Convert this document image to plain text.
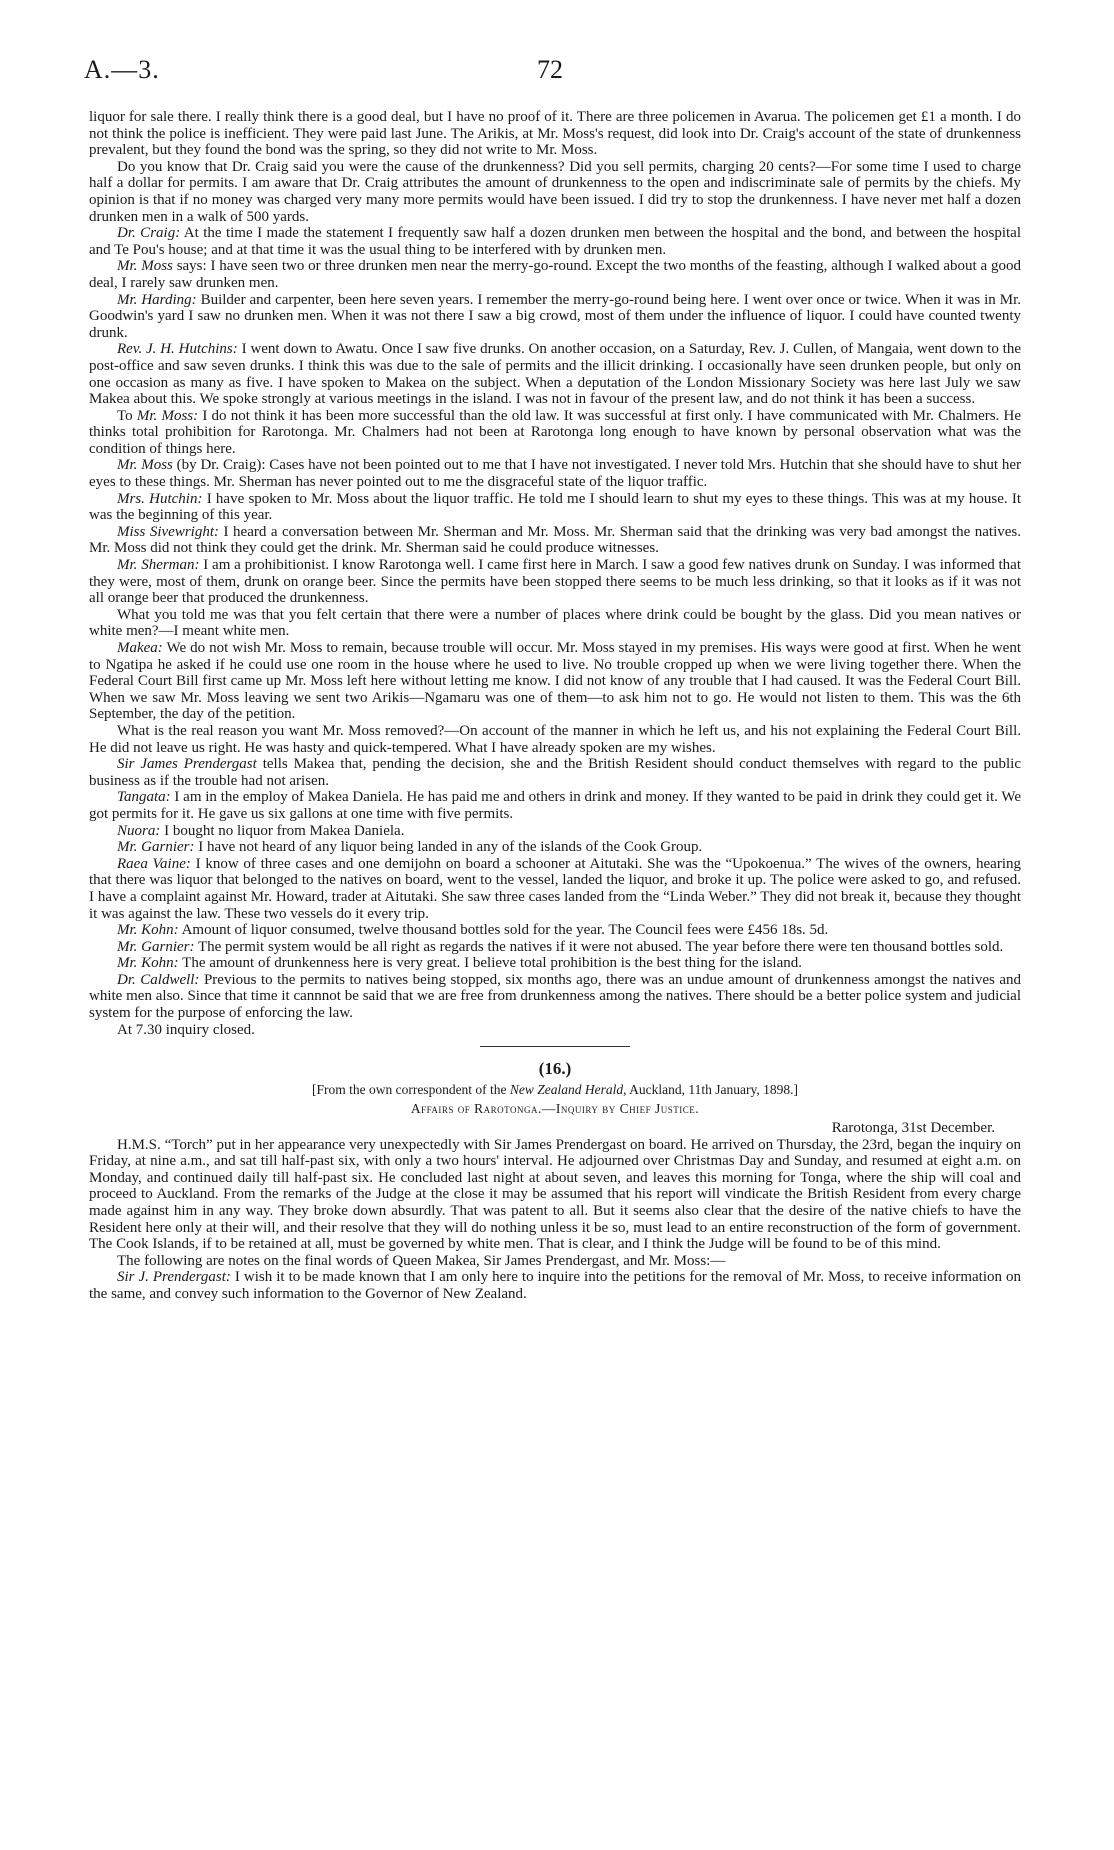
A.—3.	72

liquor for sale there. I really think there is a good deal, but I have no proof of it. There are three policemen in Avarua. The policemen get £1 a month. I do not think the police is inefficient. They were paid last June. The Arikis, at Mr. Moss's request, did look into Dr. Craig's account of the state of drunkenness prevalent, but they found the bond was the spring, so they did not write to Mr. Moss.

Do you know that Dr. Craig said you were the cause of the drunkenness? Did you sell permits, charging 20 cents?—For some time I used to charge half a dollar for permits. I am aware that Dr. Craig attributes the amount of drunkenness to the open and indiscriminate sale of permits by the chiefs. My opinion is that if no money was charged very many more permits would have been issued. I did try to stop the drunkenness. I have never met half a dozen drunken men in a walk of 500 yards.

Dr. Craig: At the time I made the statement I frequently saw half a dozen drunken men between the hospital and the bond, and between the hospital and Te Pou's house; and at that time it was the usual thing to be interfered with by drunken men.

Mr. Moss says: I have seen two or three drunken men near the merry-go-round. Except the two months of the feasting, although I walked about a good deal, I rarely saw drunken men.

Mr. Harding: Builder and carpenter, been here seven years. I remember the merry-go-round being here. I went over once or twice. When it was in Mr. Goodwin's yard I saw no drunken men. When it was not there I saw a big crowd, most of them under the influence of liquor. I could have counted twenty drunk.

Rev. J. H. Hutchins: I went down to Awatu. Once I saw five drunks. On another occasion, on a Saturday, Rev. J. Cullen, of Mangaia, went down to the post-office and saw seven drunks. I think this was due to the sale of permits and the illicit drinking. I occasionally have seen drunken people, but only on one occasion as many as five. I have spoken to Makea on the subject. When a deputation of the London Missionary Society was here last July we saw Makea about this. We spoke strongly at various meetings in the island. I was not in favour of the present law, and do not think it has been a success.

To Mr. Moss: I do not think it has been more successful than the old law. It was successful at first only. I have communicated with Mr. Chalmers. He thinks total prohibition for Rarotonga. Mr. Chalmers had not been at Rarotonga long enough to have known by personal observation what was the condition of things here.

Mr. Moss (by Dr. Craig): Cases have not been pointed out to me that I have not investigated. I never told Mrs. Hutchin that she should have to shut her eyes to these things. Mr. Sherman has never pointed out to me the disgraceful state of the liquor traffic.

Mrs. Hutchin: I have spoken to Mr. Moss about the liquor traffic. He told me I should learn to shut my eyes to these things. This was at my house. It was the beginning of this year.

Miss Sivewright: I heard a conversation between Mr. Sherman and Mr. Moss. Mr. Sherman said that the drinking was very bad amongst the natives. Mr. Moss did not think they could get the drink. Mr. Sherman said he could produce witnesses.

Mr. Sherman: I am a prohibitionist. I know Rarotonga well. I came first here in March. I saw a good few natives drunk on Sunday. I was informed that they were, most of them, drunk on orange beer. Since the permits have been stopped there seems to be much less drinking, so that it looks as if it was not all orange beer that produced the drunkenness.

What you told me was that you felt certain that there were a number of places where drink could be bought by the glass. Did you mean natives or white men?—I meant white men.

Makea: We do not wish Mr. Moss to remain, because trouble will occur. Mr. Moss stayed in my premises. His ways were good at first. When he went to Ngatipa he asked if he could use one room in the house where he used to live. No trouble cropped up when we were living together there. When the Federal Court Bill first came up Mr. Moss left here without letting me know. I did not know of any trouble that I had caused. It was the Federal Court Bill. When we saw Mr. Moss leaving we sent two Arikis—Ngamaru was one of them—to ask him not to go. He would not listen to them. This was the 6th September, the day of the petition.

What is the real reason you want Mr. Moss removed?—On account of the manner in which he left us, and his not explaining the Federal Court Bill. He did not leave us right. He was hasty and quick-tempered. What I have already spoken are my wishes.

Sir James Prendergast tells Makea that, pending the decision, she and the British Resident should conduct themselves with regard to the public business as if the trouble had not arisen.

Tangata: I am in the employ of Makea Daniela. He has paid me and others in drink and money. If they wanted to be paid in drink they could get it. We got permits for it. He gave us six gallons at one time with five permits.

Nuora: I bought no liquor from Makea Daniela.

Mr. Garnier: I have not heard of any liquor being landed in any of the islands of the Cook Group.

Raea Vaine: I know of three cases and one demijohn on board a schooner at Aitutaki. She was the “Upokoenua.” The wives of the owners, hearing that there was liquor that belonged to the natives on board, went to the vessel, landed the liquor, and broke it up. The police were asked to go, and refused. I have a complaint against Mr. Howard, trader at Aitutaki. She saw three cases landed from the “Linda Weber.” They did not break it, because they thought it was against the law. These two vessels do it every trip.

Mr. Kohn: Amount of liquor consumed, twelve thousand bottles sold for the year. The Council fees were £456 18s. 5d.

Mr. Garnier: The permit system would be all right as regards the natives if it were not abused. The year before there were ten thousand bottles sold.

Mr. Kohn: The amount of drunkenness here is very great. I believe total prohibition is the best thing for the island.

Dr. Caldwell: Previous to the permits to natives being stopped, six months ago, there was an undue amount of drunkenness amongst the natives and white men also. Since that time it cannnot be said that we are free from drunkenness among the natives. There should be a better police system and judicial system for the purpose of enforcing the law.

At 7.30 inquiry closed.

(16.)
[From the own correspondent of the New Zealand Herald, Auckland, 11th January, 1898.]
Affairs of Rarotonga.—Inquiry by Chief Justice.

Rarotonga, 31st December.

H.M.S. “Torch” put in her appearance very unexpectedly with Sir James Prendergast on board. He arrived on Thursday, the 23rd, began the inquiry on Friday, at nine a.m., and sat till half-past six, with only a two hours' interval. He adjourned over Christmas Day and Sunday, and resumed at eight a.m. on Monday, and continued daily till half-past six. He concluded last night at about seven, and leaves this morning for Tonga, where the ship will coal and proceed to Auckland. From the remarks of the Judge at the close it may be assumed that his report will vindicate the British Resident from every charge made against him in any way. They broke down absurdly. That was patent to all. But it seems also clear that the desire of the native chiefs to have the Resident here only at their will, and their resolve that they will do nothing unless it be so, must lead to an entire reconstruction of the form of government. The Cook Islands, if to be retained at all, must be governed by white men. That is clear, and I think the Judge will be found to be of this mind.

The following are notes on the final words of Queen Makea, Sir James Prendergast, and Mr. Moss:—

Sir J. Prendergast: I wish it to be made known that I am only here to inquire into the petitions for the removal of Mr. Moss, to receive information on the same, and convey such information to the Governor of New Zealand.
